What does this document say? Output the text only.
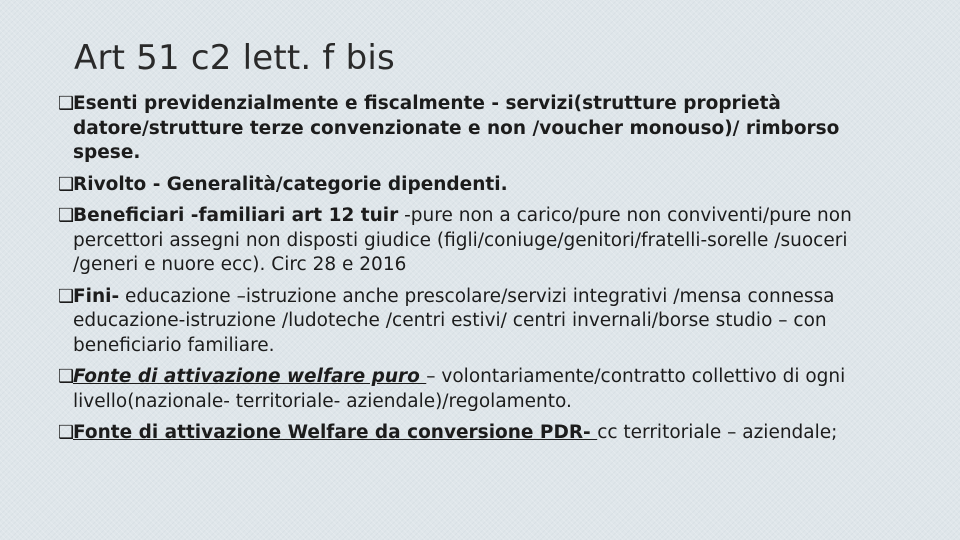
Art 51 c2 lett. f bis
❑
Esenti previdenzialmente e fiscalmente - servizi(strutture proprietà datore/strutture terze convenzionate e non /voucher monouso)/ rimborso spese.
❑
Rivolto - Generalità/categorie dipendenti.
❑
Beneficiari -familiari art 12 tuir -pure non a carico/pure non conviventi/pure non percettori assegni non disposti giudice (figli/coniuge/genitori/fratelli-sorelle /suoceri /generi e nuore ecc). Circ 28 e 2016
❑
Fini- educazione –istruzione anche prescolare/servizi integrativi /mensa connessa educazione-istruzione /ludoteche /centri estivi/ centri invernali/borse studio – con beneficiario familiare.
❑
Fonte di attivazione welfare puro – volontariamente/contratto collettivo di ogni livello(nazionale- territoriale- aziendale)/regolamento.
❑
Fonte di attivazione Welfare da conversione PDR- cc territoriale – aziendale;
